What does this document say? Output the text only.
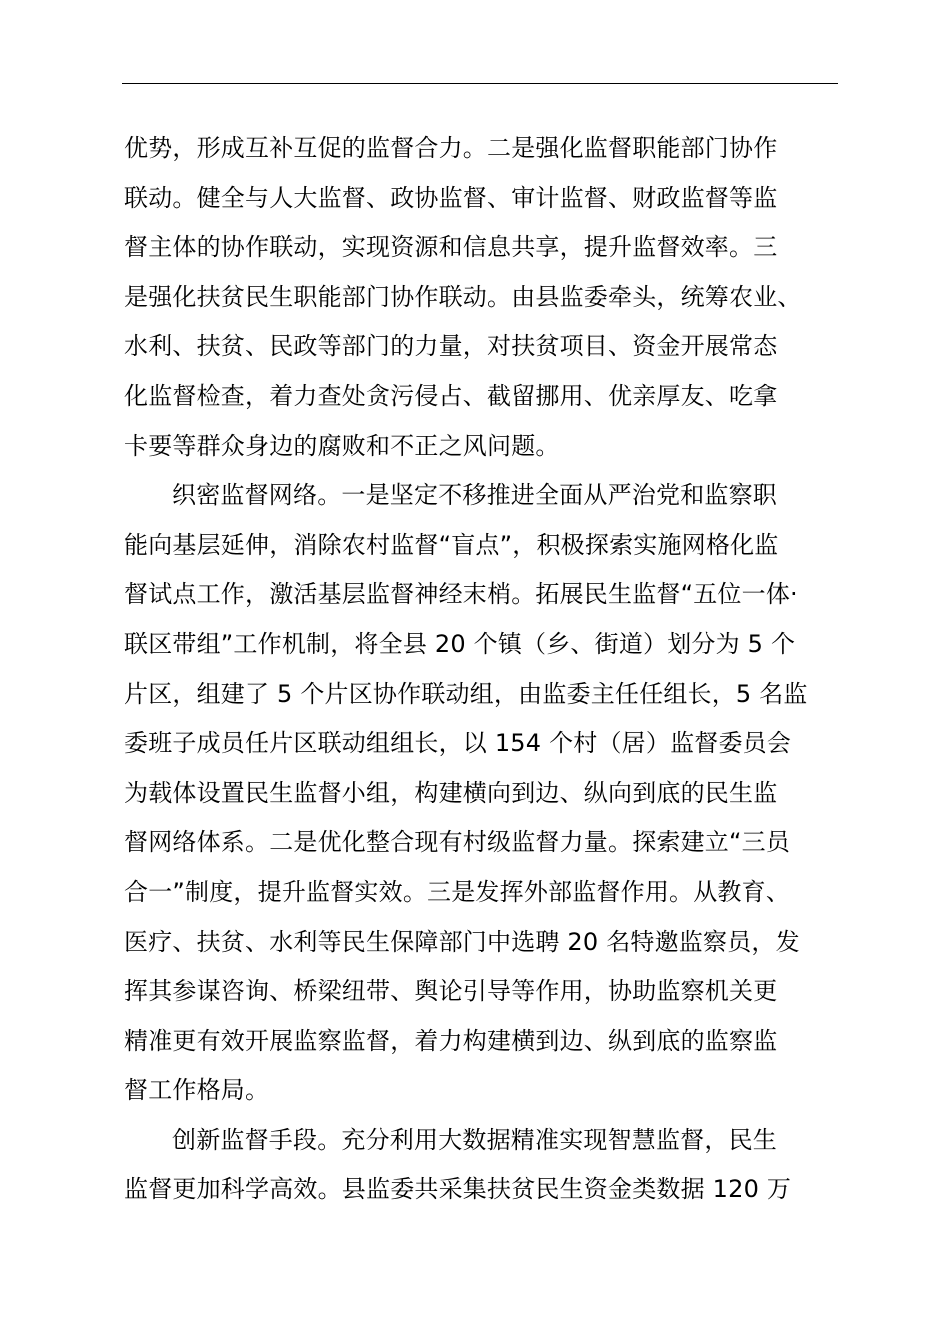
优势，形成互补互促的监督合力。二是强化监督职能部门协作
联动。健全与人大监督、政协监督、审计监督、财政监督等监
督主体的协作联动，实现资源和信息共享，提升监督效率。三
是强化扶贫民生职能部门协作联动。由县监委牵头，统筹农业、
水利、扶贫、民政等部门的力量，对扶贫项目、资金开展常态
化监督检查，着力查处贪污侵占、截留挪用、优亲厚友、吃拿
卡要等群众身边的腐败和不正之风问题。
织密监督网络。一是坚定不移推进全面从严治党和监察职
能向基层延伸，消除农村监督“盲点”，积极探索实施网格化监
督试点工作，激活基层监督神经末梢。拓展民生监督“五位一体·
联区带组”工作机制，将全县 20 个镇（乡、街道）划分为 5 个
片区，组建了 5 个片区协作联动组，由监委主任任组长，5 名监
委班子成员任片区联动组组长，以 154 个村（居）监督委员会
为载体设置民生监督小组，构建横向到边、纵向到底的民生监
督网络体系。二是优化整合现有村级监督力量。探索建立“三员
合一”制度，提升监督实效。三是发挥外部监督作用。从教育、
医疗、扶贫、水利等民生保障部门中选聘 20 名特邀监察员，发
挥其参谋咨询、桥梁纽带、舆论引导等作用，协助监察机关更
精准更有效开展监察监督，着力构建横到边、纵到底的监察监
督工作格局。
创新监督手段。充分利用大数据精准实现智慧监督，民生
监督更加科学高效。县监委共采集扶贫民生资金类数据 120 万
